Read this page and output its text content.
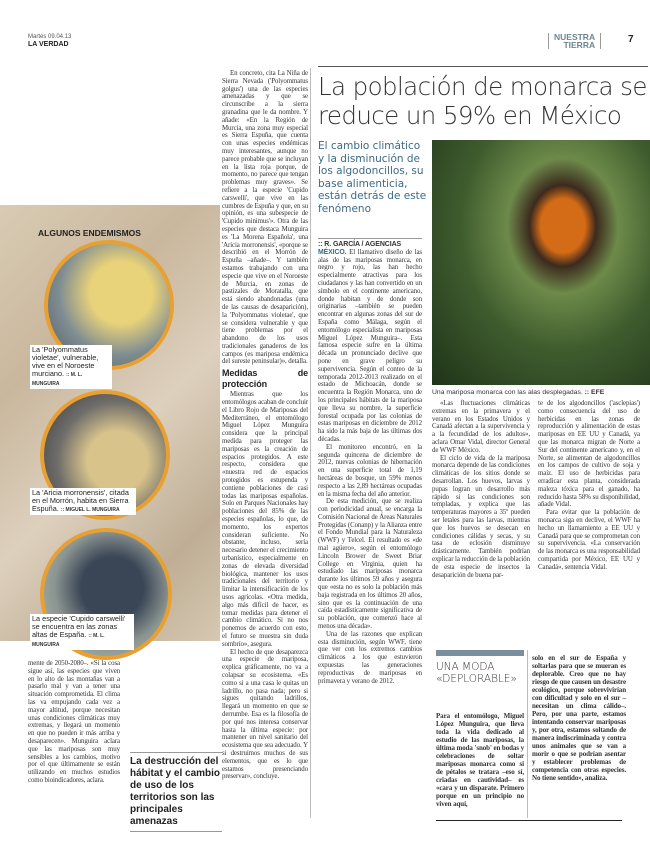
Martes 09.04.13
LA VERDAD
NUESTRA
TIERRA	7
ALGUNOS ENDEMISMOS
La 'Polyommatus violetae', vulnerable, vive en el Noroeste murciano. :: M. L. MUNGUIRA
La 'Aricia morronensis', citada en el Morrón, habita en Sierra Espuña. :: MIGUEL L. MUNGUIRA
La especie 'Cupido carswelli' se encuentra en las zonas altas de España. :: M. L. MUNGUIRA

En concreto, cita La Niña de Sierra Nevada ('Polyommatus golgus') una de las especies amenazadas y que se circunscribe a la sierra granadina que le da nombre. Y añade: «En la Región de Murcia, una zona muy especial es Sierra Espuña, que cuenta con unas especies endémicas muy interesantes, aunque no parece probable que se incluyan en la lista roja porque, de momento, no parece que tengan problemas muy graves». Se refiere a la especie 'Cupido carswelli', que vive en las cumbres de Espuña y que, en su opinión, es una subespecie de 'Cupido minimus'». Otra de las especies que destaca Munguira es 'La Morena Española', una 'Aricia morronensis', «porque se describió en el Morrón de Espuña –añade–. Y también estamos trabajando con una especie que vive en el Noroeste de Murcia, en zonas de pastizales de Moratalla, que está siendo abandonadas (una de las causas de desaparición), la 'Polyommatus violetae', que se considera vulnerable y que tiene problemas por el abandono de los usos tradicionales ganaderos de los campos (es mariposa endémica del sureste peninsular)», detalla.

Medidas de protección

Mientras que los entomólogos acaban de concluir el Libro Rojo de Mariposas del Mediterráneo, el entomólogo Miguel López Munguira considera que la principal medida para proteger las mariposas es la creación de espacios protegidos. A este respecto, considera que «nuestra red de espacios protegidos es estupenda y contiene poblaciones de casi todas las mariposas españolas. Solo en Parques Nacionales hay poblaciones del 85% de las especies españolas, lo que, de momento, los expertos consideran suficiente. No obstante, incluso, sería necesario detener el crecimiento urbanístico, especialmente en zonas de elevada diversidad biológica, mantener los usos tradicionales del territorio y limitar la intensificación de los usos agrícolas. «Otra medida, algo más difícil de hacer, es tomar medidas para detener el cambio climático. Si no nos ponemos de acuerdo con esto, el futuro se muestra sin duda sombrío», asegura.

El hecho de que desaparezca una especie de mariposa, explica gráficamente, no va a colapsar su ecosistema. «Es como si a una casa le quitas un ladrillo, no pasa nada; pero si sigues quitando ladrillos, llegará un momento en que se derrumbe. Esa es la filosofía de por qué nos interesa conservar hasta la última especie: por mantener un nivel sanitario del ecosistema que sea adecuado. Y si destruimos muchos de sus elementos, que es lo que estamos presenciando preservar», concluye.

mente de 2050-2080–. «Si la cosa sigue así, las especies que viven en lo alto de las montañas van a pasarlo mal y van a tener una situación comprometida. El clima las va empujando cada vez a mayor altitud, porque necesitan unas condiciones climáticas muy extremas, y llegará un momento en que no pueden ir más arriba y desaparecen». Munguira aclara que las mariposas son muy sensibles a los cambios, motivo por el que últimamente se están utilizando en muchos estudios como bioindicadores, aclara.
La destrucción del hábitat y el cambio de uso de los territorios son las principales amenazas
La población de monarca se reduce un 59% en México
El cambio climático y la disminución de los algodoncillos, su base alimenticia, están detrás de este fenómeno
:: R. GARCÍA / AGENCIAS

MÉXICO. El llamativo diseño de las alas de las mariposas monarca, en negro y rojo, las han hecho especialmente atractivas para los ciudadanos y las han convertido en un símbolo en el continente americano, donde habitan y de donde son originarias –también se pueden encontrar en algunas zonas del sur de España como Málaga, según el entomólogo especialista en mariposas Miguel López Munguira–. Esta famosa especie sufre en la última década un pronunciado declive que pone en grave peligro su supervivencia. Según el conteo de la temporada 2012-2013 realizado en el estado de Michoacán, donde se encuentra la Región Monarca, uno de los principales hábitats de la mariposa que lleva su nombre, la superficie forestal ocupada por las colonias de estas mariposas en diciembre de 2012 ha sido la más baja de las últimas dos décadas.

El monitoreo encontró, en la segunda quincena de diciembre de 2012, nuevas colonias de hibernación en una superficie total de 1,19 hectáreas de bosque, un 59% menos respecto a las 2,89 hectáreas ocupadas en la misma fecha del año anterior.

De esta medición, que se realiza con periodicidad anual, se encarga la Comisión Nacional de Áreas Naturales Protegidas (Conanp) y la Alianza entre el Fondo Mundial para la Naturaleza (WWF) y Telcel. El resultado es «de mal agüero», según el entomólogo Lincoln Brower de Sweet Briar College en Virginia, quien ha estudiado las mariposas monarca durante los últimos 59 años y asegura que «esta no es solo la población más baja registrada en los últimos 20 años, sino que es la continuación de una caída estadísticamente significativa de su población, que comenzó hace al menos una década».

Una de las razones que explican esta disminución, según WWF, tiene que ver con los extremos cambios climáticos a los que estuvieron expuestas las generaciones reproductivas de mariposas en primavera y verano de 2012.

Una mariposa monarca con las alas desplegadas. :: EFE

«Las fluctuaciones climáticas extremas en la primavera y el verano en los Estados Unidos y Canadá afectan a la supervivencia y a la fecundidad de los adultos», aclara Omar Vidal, director General de WWF México.

El ciclo de vida de la mariposa monarca depende de las condiciones climáticas de los sitios donde se desarrollan. Los huevos, larvas y pupas logran un desarrollo más rápido si las condiciones son templadas, y explica que las temperaturas mayores a 35º pueden ser letales para las larvas, mientras que los huevos se desecan en condiciones cálidas y secas, y su tasa de eclosión disminuye drásticamente. También podrían explicar la reducción de la población de esta especie de insectos la desaparición de buena par-

te de los algodoncillos ('asclepias') como consecuencia del uso de herbicidas en las zonas de reproducción y alimentación de estas mariposas en EE UU y Canadá, ya que las monarca migran de Norte a Sur del continente americano y, en el Norte, se alimentan de algodoncillos en los campos de cultivo de soja y maíz. El uso de herbicidas para erradicar esta planta, considerada maleza tóxica para el ganado, ha reducido hasta 58% su disponibilidad, añade Vidal.

Para evitar que la población de monarca siga en declive, el WWF ha hecho un llamamiento a EE UU y Canadá para que se comprometan con su supervivencia. «La conservación de las monarca es una responsabilidad compartida por México, EE UU y Canadá», sentencia Vidal.

UNA MODA
«DEPLORABLE»
Para el entomólogo, Miguel López Munguira, que lleva toda la vida dedicado al estudio de las mariposas, la última moda 'snob' en bodas y celebraciones de soltar mariposas monarca como si de pétalos se tratara –eso sí, criadas en cautividad– es «cara y un disparate. Primero porque en un principio no viven aquí,
solo en el sur de España y soltarlas para que se mueran es deplorable. Creo que no hay riesgo de que causen un desastre ecológico, porque sobrevivirían con dificultad y solo en el sur –necesitan un clima cálido–. Pero, por una parte, estamos intentando conservar mariposas y, por otra, estamos soltando de manera indiscriminada y contra unos animales que se van a morir o que se podrían asentar y establecer problemas de competencia con otras especies. No tiene sentido», analiza.
